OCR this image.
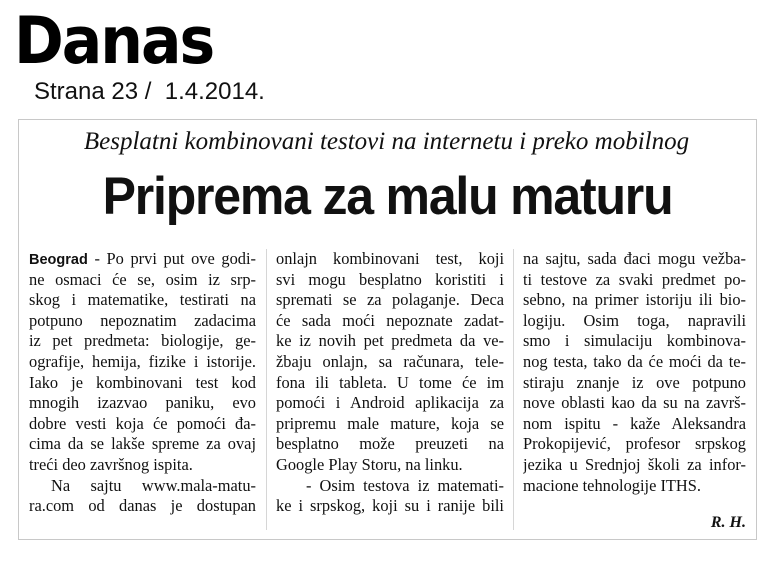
Danas
Strana 23 /  1.4.2014.
Besplatni kombinovani testovi na internetu i preko mobilnog
Priprema za malu maturu
Beograd - Po prvi put ove godi-
ne osmaci će se, osim iz srp-
skog i matematike, testirati na
potpuno nepoznatim zadacima
iz pet predmeta: biologije, ge-
ografije, hemija, fizike i istorije.
Iako je kombinovani test kod
mnogih izazvao paniku, evo
dobre vesti koja će pomoći đa-
cima da se lakše spreme za ovaj
treći deo završnog ispita.
Na sajtu www.mala-matu-
ra.com od danas je dostupan
onlajn kombinovani test, koji
svi mogu besplatno koristiti i
spremati se za polaganje. Deca
će sada moći nepoznate zadat-
ke iz novih pet predmeta da ve-
žbaju onlajn, sa računara, tele-
fona ili tableta. U tome će im
pomoći i Android aplikacija za
pripremu male mature, koja se
besplatno može preuzeti na
Google Play Storu, na linku.
- Osim testova iz matemati-
ke i srpskog, koji su i ranije bili
na sajtu, sada đaci mogu vežba-
ti testove za svaki predmet po-
sebno, na primer istoriju ili bio-
logiju. Osim toga, napravili
smo i simulaciju kombinova-
nog testa, tako da će moći da te-
stiraju znanje iz ove potpuno
nove oblasti kao da su na završ-
nom ispitu - kaže Aleksandra
Prokopijević, profesor srpskog
jezika u Srednjoj školi za infor-
macione tehnologije ITHS.
R. H.
